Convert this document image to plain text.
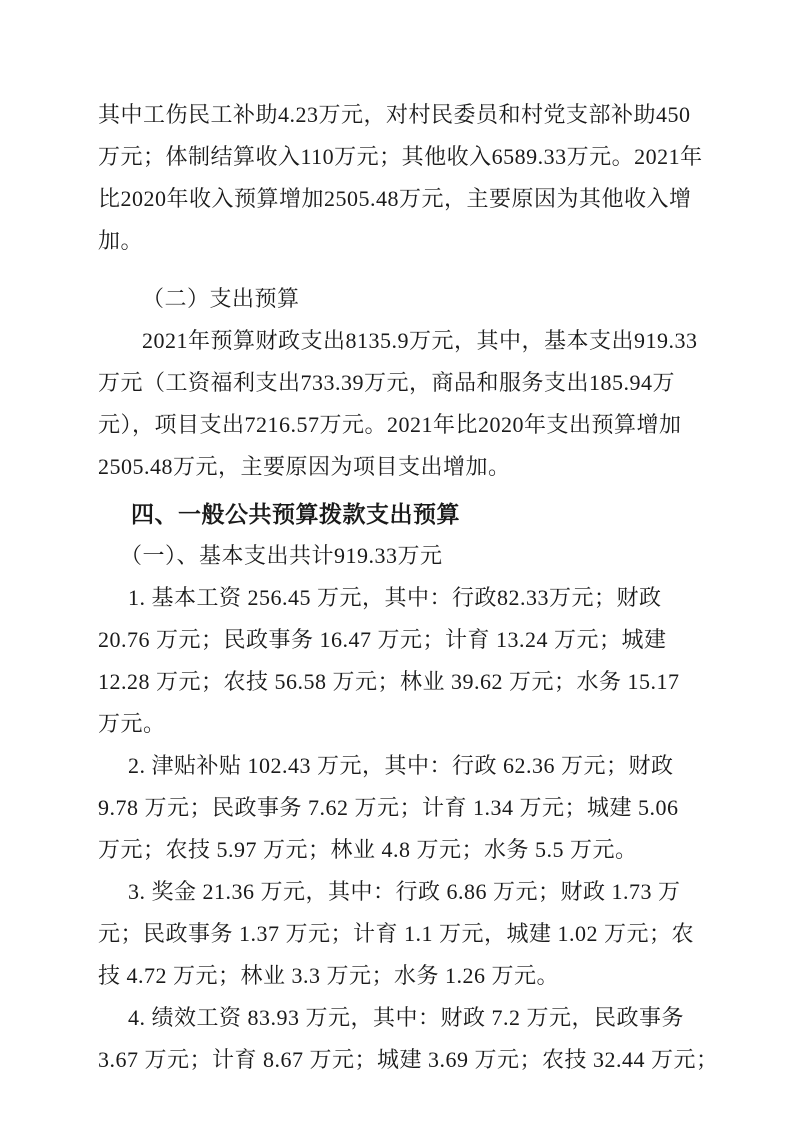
其中工伤民工补助4.23万元，对村民委员和村党支部补助450
万元；体制结算收入110万元；其他收入6589.33万元。2021年
比2020年收入预算增加2505.48万元，主要原因为其他收入增
加。
（二）支出预算
2021年预算财政支出8135.9万元，其中，基本支出919.33
万元（工资福利支出733.39万元，商品和服务支出185.94万
元），项目支出7216.57万元。2021年比2020年支出预算增加
2505.48万元，主要原因为项目支出增加。
四、一般公共预算拨款支出预算
（一）、基本支出共计919.33万元
1. 基本工资 256.45 万元，其中：行政82.33万元；财政
20.76 万元；民政事务 16.47 万元；计育 13.24 万元；城建
12.28 万元；农技 56.58 万元；林业 39.62 万元；水务 15.17
万元。
2. 津贴补贴 102.43 万元，其中：行政 62.36 万元；财政
9.78 万元；民政事务 7.62 万元；计育 1.34 万元；城建 5.06
万元；农技 5.97 万元；林业 4.8 万元；水务 5.5 万元。
3. 奖金 21.36 万元，其中：行政 6.86 万元；财政 1.73 万
元；民政事务 1.37 万元；计育 1.1 万元，城建 1.02 万元；农
技 4.72 万元；林业 3.3 万元；水务 1.26 万元。
4. 绩效工资 83.93 万元，其中：财政 7.2 万元，民政事务
3.67 万元；计育 8.67 万元；城建 3.69 万元；农技 32.44 万元；
